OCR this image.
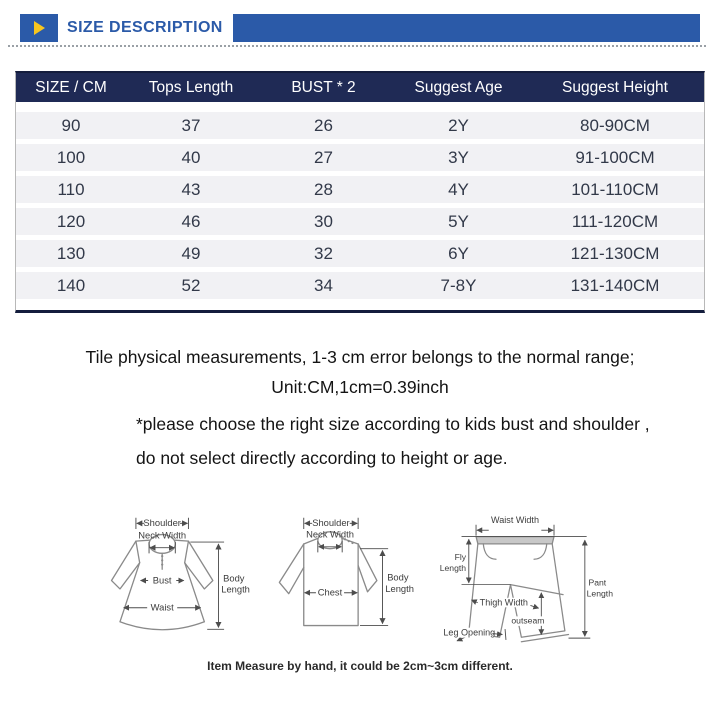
SIZE DESCRIPTION
SIZE / CM	Tops Length	BUST * 2	Suggest Age	Suggest Height
90	37	26	2Y	80-90CM
100	40	27	3Y	91-100CM
110	43	28	4Y	101-110CM
120	46	30	5Y	111-120CM
130	49	32	6Y	121-130CM
140	52	34	7-8Y	131-140CM

Tile physical measurements, 1-3 cm error belongs to the normal range;

Unit:CM,1cm=0.39inch

*please choose the right size according to kids bust and shoulder ,

do not select directly according to height or age.

Shoulder
Neck Width
Bust
Waist
Body
Length
Shoulder
Neck Width
Chest
Body
Length
Waist Width
Fly
Length
Thigh Width
Leg Opening
outseam
Pant
Length

Item Measure by hand, it could be 2cm~3cm different.
